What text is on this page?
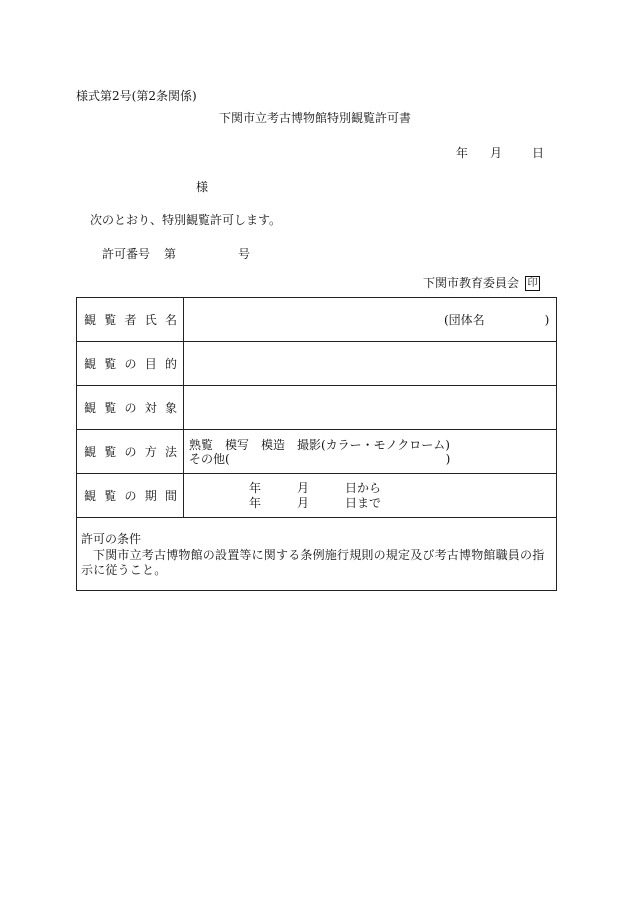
様式第2号(第2条関係)
下関市立考古博物館特別観覧許可書
年 月 日
様
次のとおり、特別観覧許可します。
許可番号 第	号
下関市教育委員会 印
観 覧 者 氏 名	(団体名　　　　　)

観 覧 の 目 的	

観 覧 の 対 象	

観 覧 の 方 法	熟覧　模写　模造　撮影(カラー・モノクローム)
その他(　　　　　　　　　　　　　　　　　　)

観 覧 の 期 間	年 月 日から
年 月 日まで

許可の条件
下関市立考古博物館の設置等に関する条例施行規則の規定及び考古博物館職員の指示に従うこと。	
